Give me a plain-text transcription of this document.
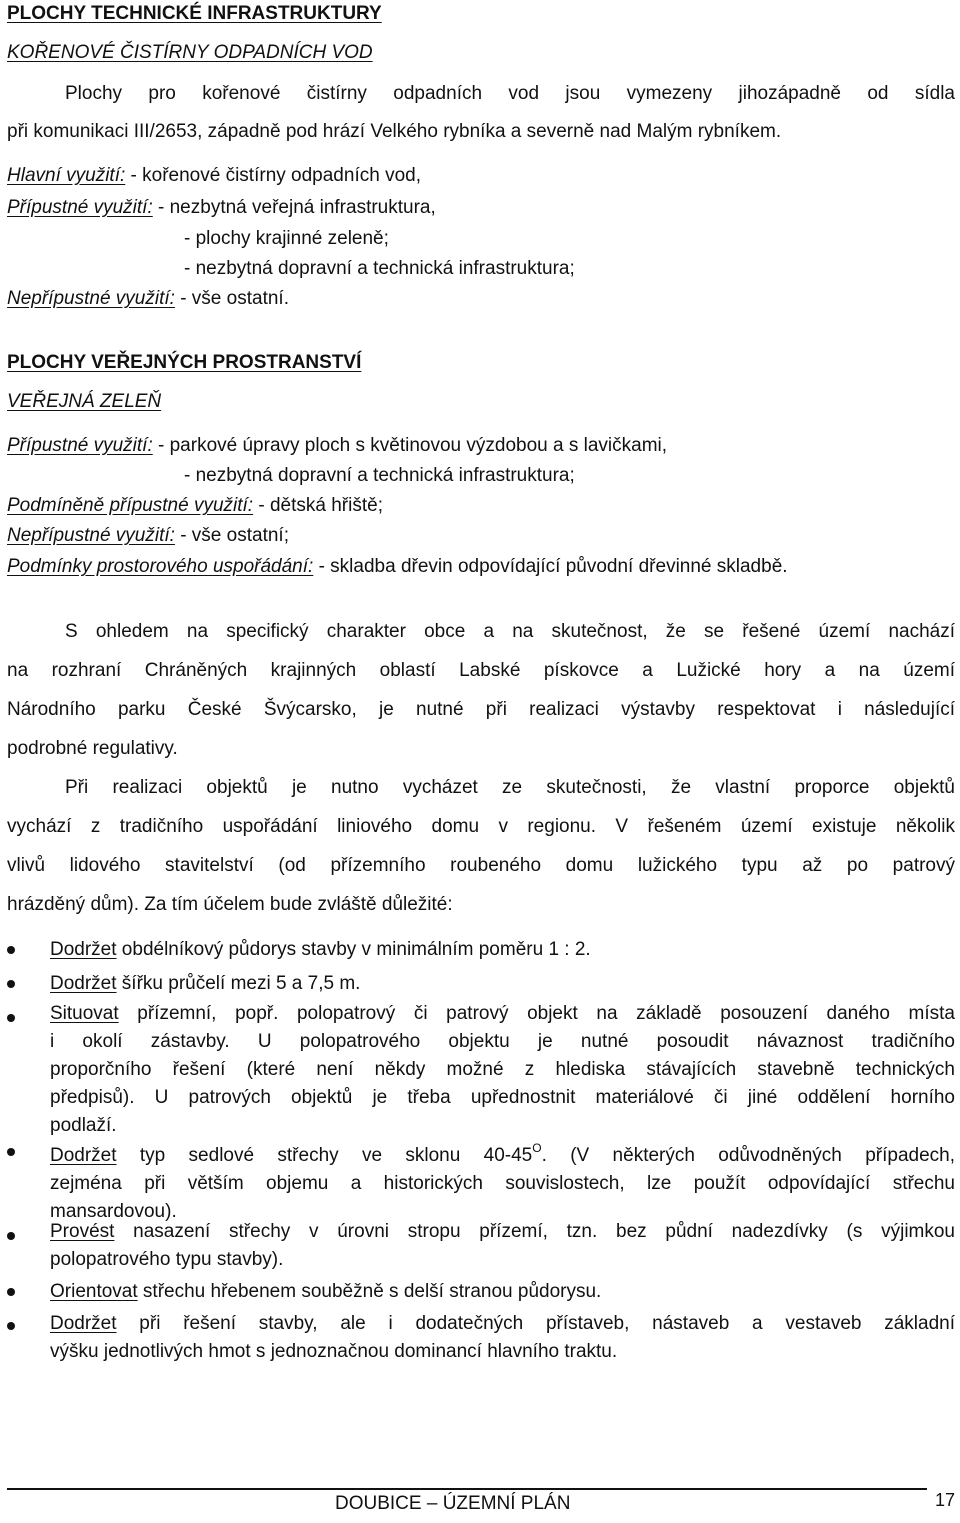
PLOCHY TECHNICKÉ INFRASTRUKTURY
KOŘENOVÉ ČISTÍRNY ODPADNÍCH VOD
Plochy pro kořenové čistírny odpadních vod jsou vymezeny jihozápadně od sídla
při komunikaci III/2653, západně pod hrází Velkého rybníka a severně nad Malým rybníkem.
Hlavní využití: - kořenové čistírny odpadních vod,
Přípustné využití: - nezbytná veřejná infrastruktura,
- plochy krajinné zeleně;
- nezbytná dopravní a technická infrastruktura;
Nepřípustné využití: - vše ostatní.
PLOCHY VEŘEJNÝCH PROSTRANSTVÍ
VEŘEJNÁ ZELEŇ
Přípustné využití: - parkové úpravy ploch s květinovou výzdobou a s lavičkami,
- nezbytná dopravní a technická infrastruktura;
Podmíněně přípustné využití: - dětská hřiště;
Nepřípustné využití: - vše ostatní;
Podmínky prostorového uspořádání: - skladba dřevin odpovídající původní dřevinné skladbě.
S ohledem na specifický charakter obce a na skutečnost, že se řešené území nachází
na rozhraní Chráněných krajinných oblastí Labské pískovce a Lužické hory a na území
Národního parku České Švýcarsko, je nutné při realizaci výstavby respektovat i následující
podrobné regulativy.
Při realizaci objektů je nutno vycházet ze skutečnosti, že vlastní proporce objektů
vychází z tradičního uspořádání liniového domu v regionu. V řešeném území existuje několik
vlivů lidového stavitelství (od přízemního roubeného domu lužického typu až po patrový
hrázděný dům). Za tím účelem bude zvláště důležité:
Dodržet obdélníkový půdorys stavby v minimálním poměru 1 : 2.
Dodržet šířku průčelí mezi 5 a 7,5 m.
Situovat přízemní, popř. polopatrový či patrový objekt na základě posouzení daného místa
i okolí zástavby. U polopatrového objektu je nutné posoudit návaznost tradičního
proporčního řešení (které není někdy možné z hlediska stávajících stavebně technických
předpisů). U patrových objektů je třeba upřednostnit materiálové či jiné oddělení horního
podlaží.
Dodržet typ sedlové střechy ve sklonu $40-45^O$. (V některých odůvodněných případech,
zejména při větším objemu a historických souvislostech, lze použít odpovídající střechu
mansardovou).
Provést nasazení střechy v úrovni stropu přízemí, tzn. bez půdní nadezdívky (s výjimkou
polopatrového typu stavby).
Orientovat střechu hřebenem souběžně s delší stranou půdorysu.
Dodržet při řešení stavby, ale i dodatečných přístaveb, nástaveb a vestaveb základní
výšku jednotlivých hmot s jednoznačnou dominancí hlavního traktu.
DOUBICE – ÚZEMNÍ PLÁN	17
